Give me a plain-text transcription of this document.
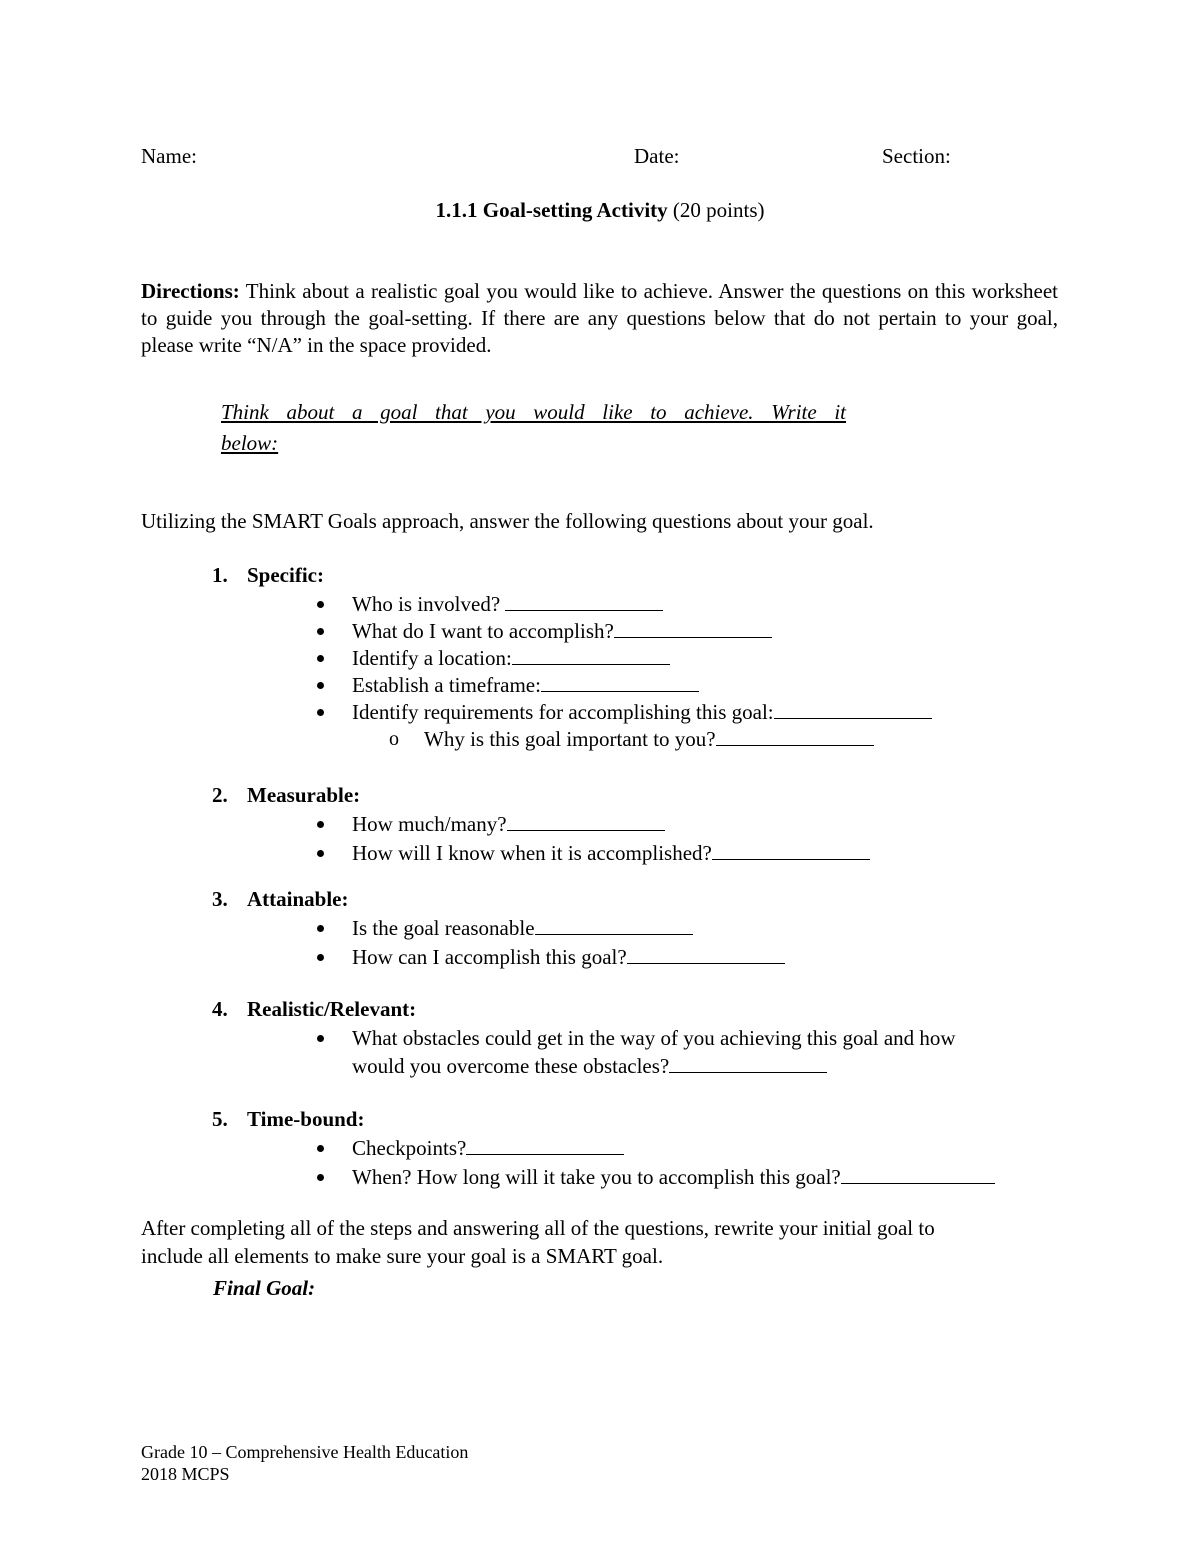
Name:	Date:	Section:
1.1.1 Goal-setting Activity (20 points)
Directions: Think about a realistic goal you would like to achieve. Answer the questions on this worksheet to guide you through the goal-setting. If there are any questions below that do not pertain to your goal, please write “N/A” in the space provided.
Think about a goal that you would like to achieve. Write it
below:
Utilizing the SMART Goals approach, answer the following questions about your goal.
1. Specific:
Who is involved?
What do I want to accomplish?
Identify a location:
Establish a timeframe:
Identify requirements for accomplishing this goal:
o Why is this goal important to you?
2. Measurable:
How much/many?
How will I know when it is accomplished?
3. Attainable:
Is the goal reasonable
How can I accomplish this goal?
4. Realistic/Relevant:
What obstacles could get in the way of you achieving this goal and how
would you overcome these obstacles?
5. Time-bound:
Checkpoints?
When? How long will it take you to accomplish this goal?
After completing all of the steps and answering all of the questions, rewrite your initial goal to
include all elements to make sure your goal is a SMART goal.
Final Goal:
Grade 10 – Comprehensive Health Education
2018 MCPS
